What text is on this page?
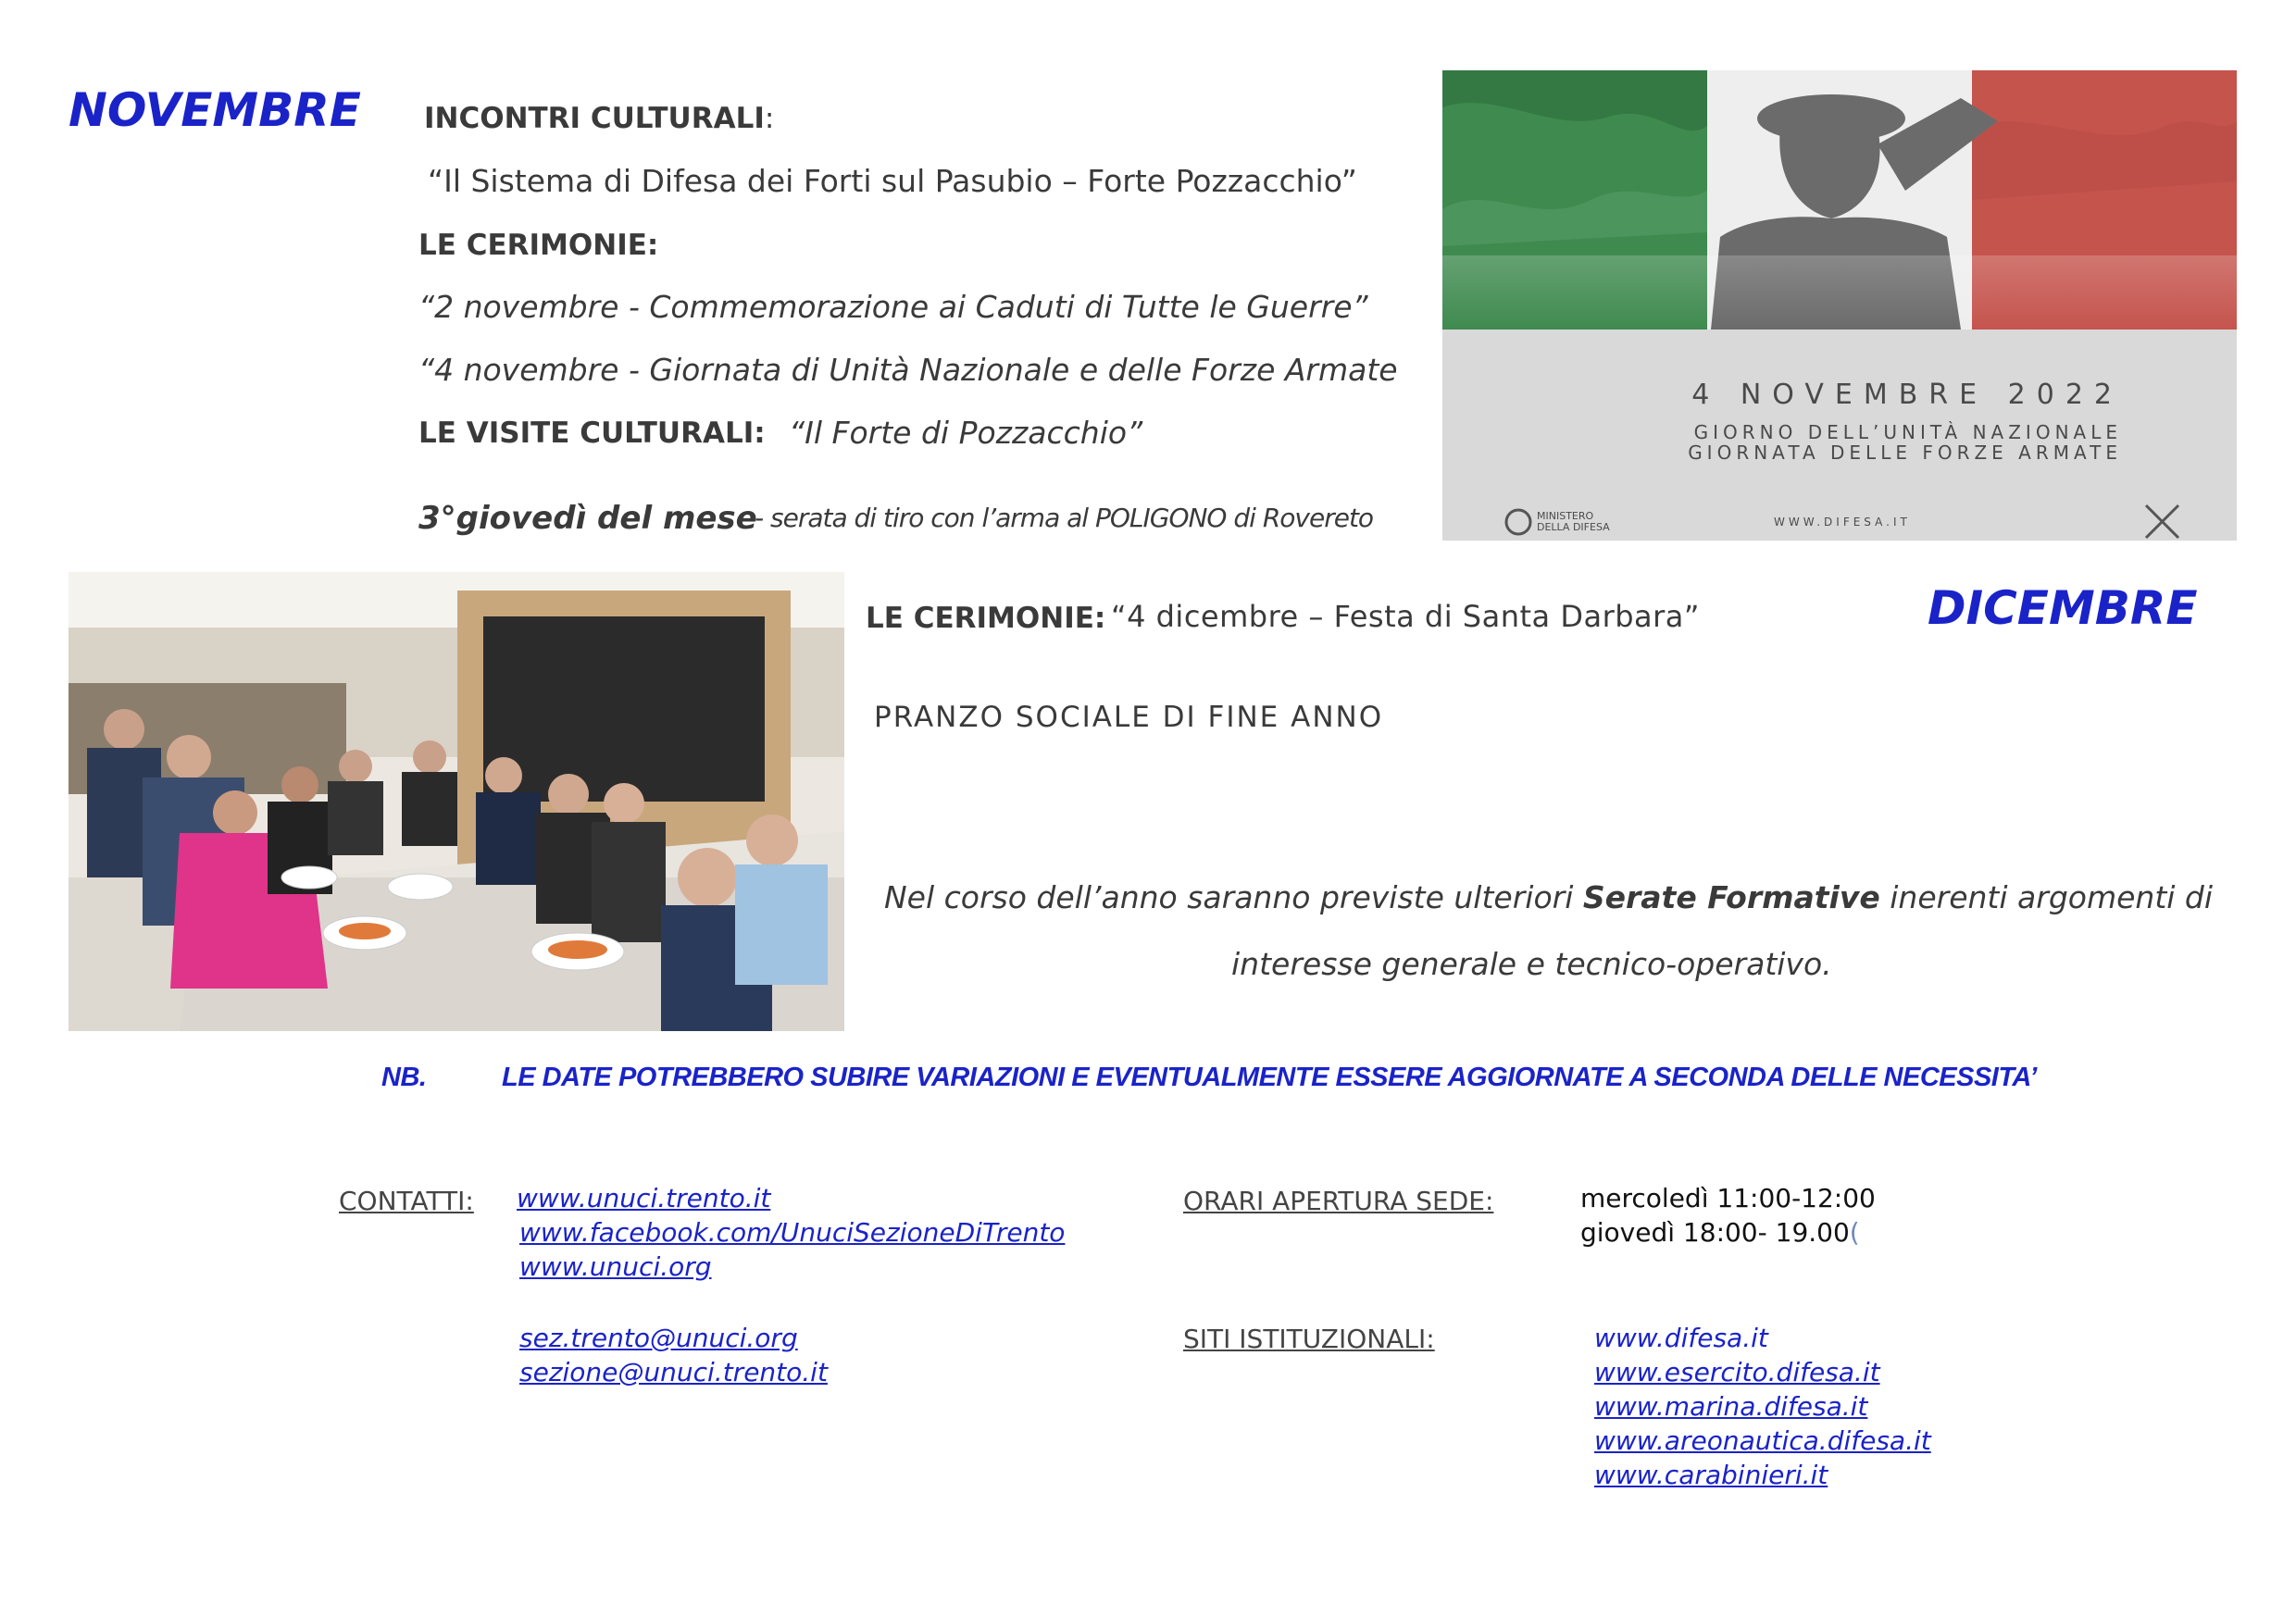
NOVEMBRE INCONTRI CULTURALI:
“Il Sistema di Difesa dei Forti sul Pasubio – Forte Pozzacchio”
LE CERIMONIE:
“2 novembre - Commemorazione ai Caduti di Tutte le Guerre”
“4 novembre - Giornata di Unità Nazionale e delle Forze Armate
LE VISITE CULTURALI: “Il Forte di Pozzacchio”
3°giovedì del mese
- serata di tiro con l’arma al POLIGONO di Rovereto
4 NOVEMBRE 2022
GIORNO DELL’UNITÀ NAZIONALE
GIORNATA DELLE FORZE ARMATE
MINISTERO
DELLA DIFESA	WWW.DIFESA.IT
DICEMBRE
LE CERIMONIE: “4 dicembre – Festa di Santa Darbara”
PRANZO SOCIALE DI FINE ANNO
Nel corso dell’anno saranno previste ulteriori Serate Formative inerenti argomenti di
interesse generale e tecnico-operativo.
NB.	LE DATE POTREBBERO SUBIRE VARIAZIONI E EVENTUALMENTE ESSERE AGGIORNATE A SECONDA DELLE NECESSITA’
CONTATTI: www.unuci.trento.it
www.facebook.com/UnuciSezioneDiTrento
www.unuci.org
sez.trento@unuci.org
sezione@unuci.trento.it
ORARI APERTURA SEDE:	mercoledì 11:00-12:00
giovedì 18:00- 19.00(
SITI ISTITUZIONALI:	www.difesa.it
www.esercito.difesa.it
www.marina.difesa.it
www.areonautica.difesa.it
www.carabinieri.it
